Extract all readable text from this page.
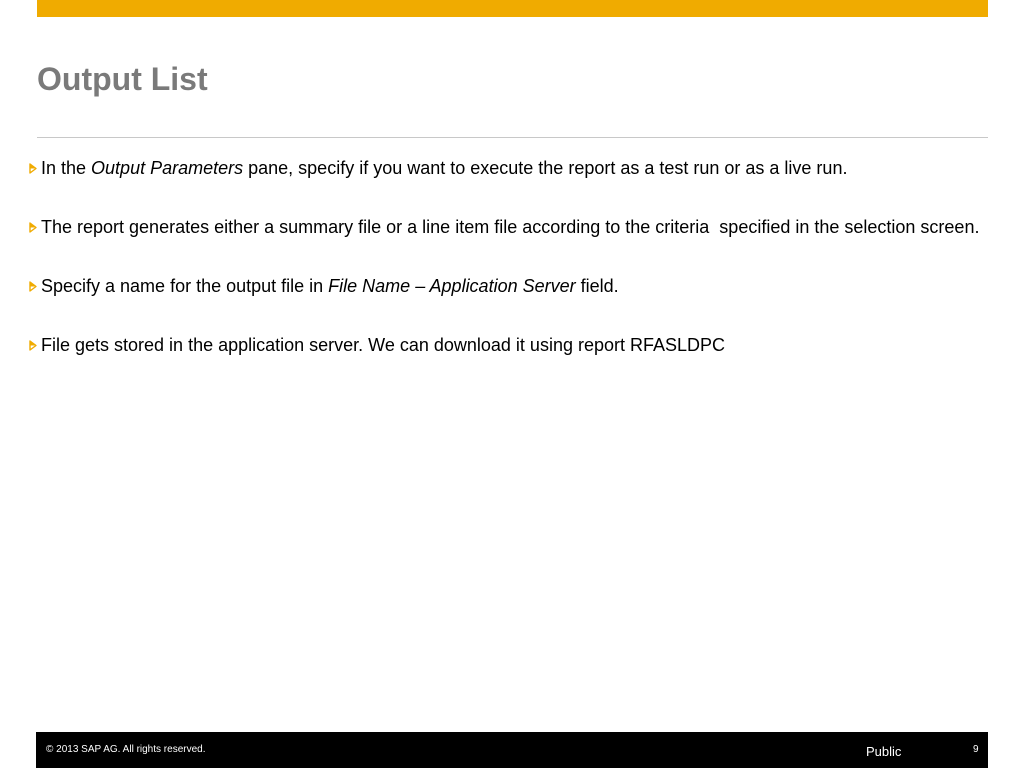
Output List
In the Output Parameters pane, specify if you want to execute the report as a test run or as a live run.
The report generates either a summary file or a line item file according to the criteria  specified in the selection screen.
Specify a name for the output file in File Name – Application Server field.
File gets stored in the application server. We can download it using report RFASLDPC
© 2013 SAP AG. All rights reserved.	Public	9
